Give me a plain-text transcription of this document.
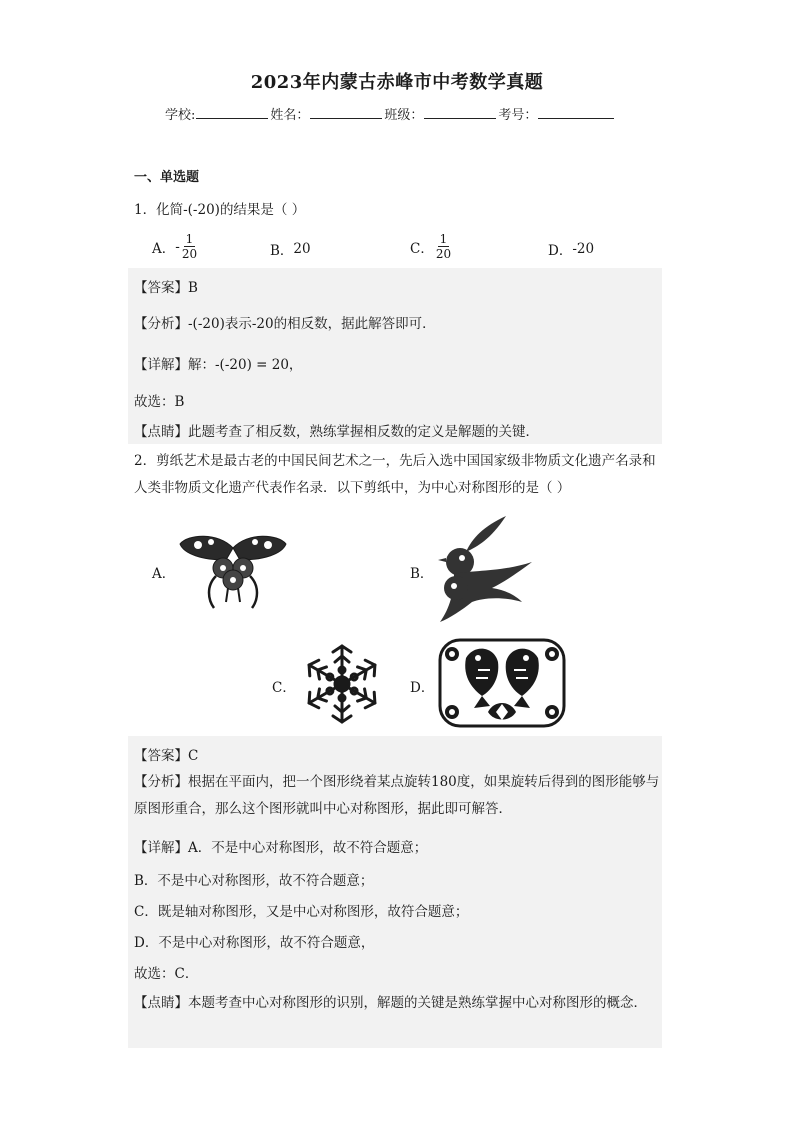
2023年内蒙古赤峰市中考数学真题
学校:	姓名：	班级：	考号：
一、单选题
1．化简-(-20)的结果是（ ）
A． - $\frac{1}{20}$	B． 20	C． $\frac{1}{20}$	D． -20
【答案】B
【分析】-(-20)表示-20的相反数，据此解答即可．
【详解】解：-(-20) = 20，
故选：B
【点睛】此题考查了相反数，熟练掌握相反数的定义是解题的关键．
2．剪纸艺术是最古老的中国民间艺术之一，先后入选中国国家级非物质文化遗产名录和人类非物质文化遗产代表作名录．以下剪纸中，为中心对称图形的是（ ）
A．	B．
C．	D．
【答案】C
【分析】根据在平面内，把一个图形绕着某点旋转180度，如果旋转后得到的图形能够与原图形重合，那么这个图形就叫中心对称图形，据此即可解答．
【详解】A．不是中心对称图形，故不符合题意；
B．不是中心对称图形，故不符合题意；
C．既是轴对称图形，又是中心对称图形，故符合题意；
D．不是中心对称图形，故不符合题意，
故选：C．
【点睛】本题考查中心对称图形的识别，解题的关键是熟练掌握中心对称图形的概念．
